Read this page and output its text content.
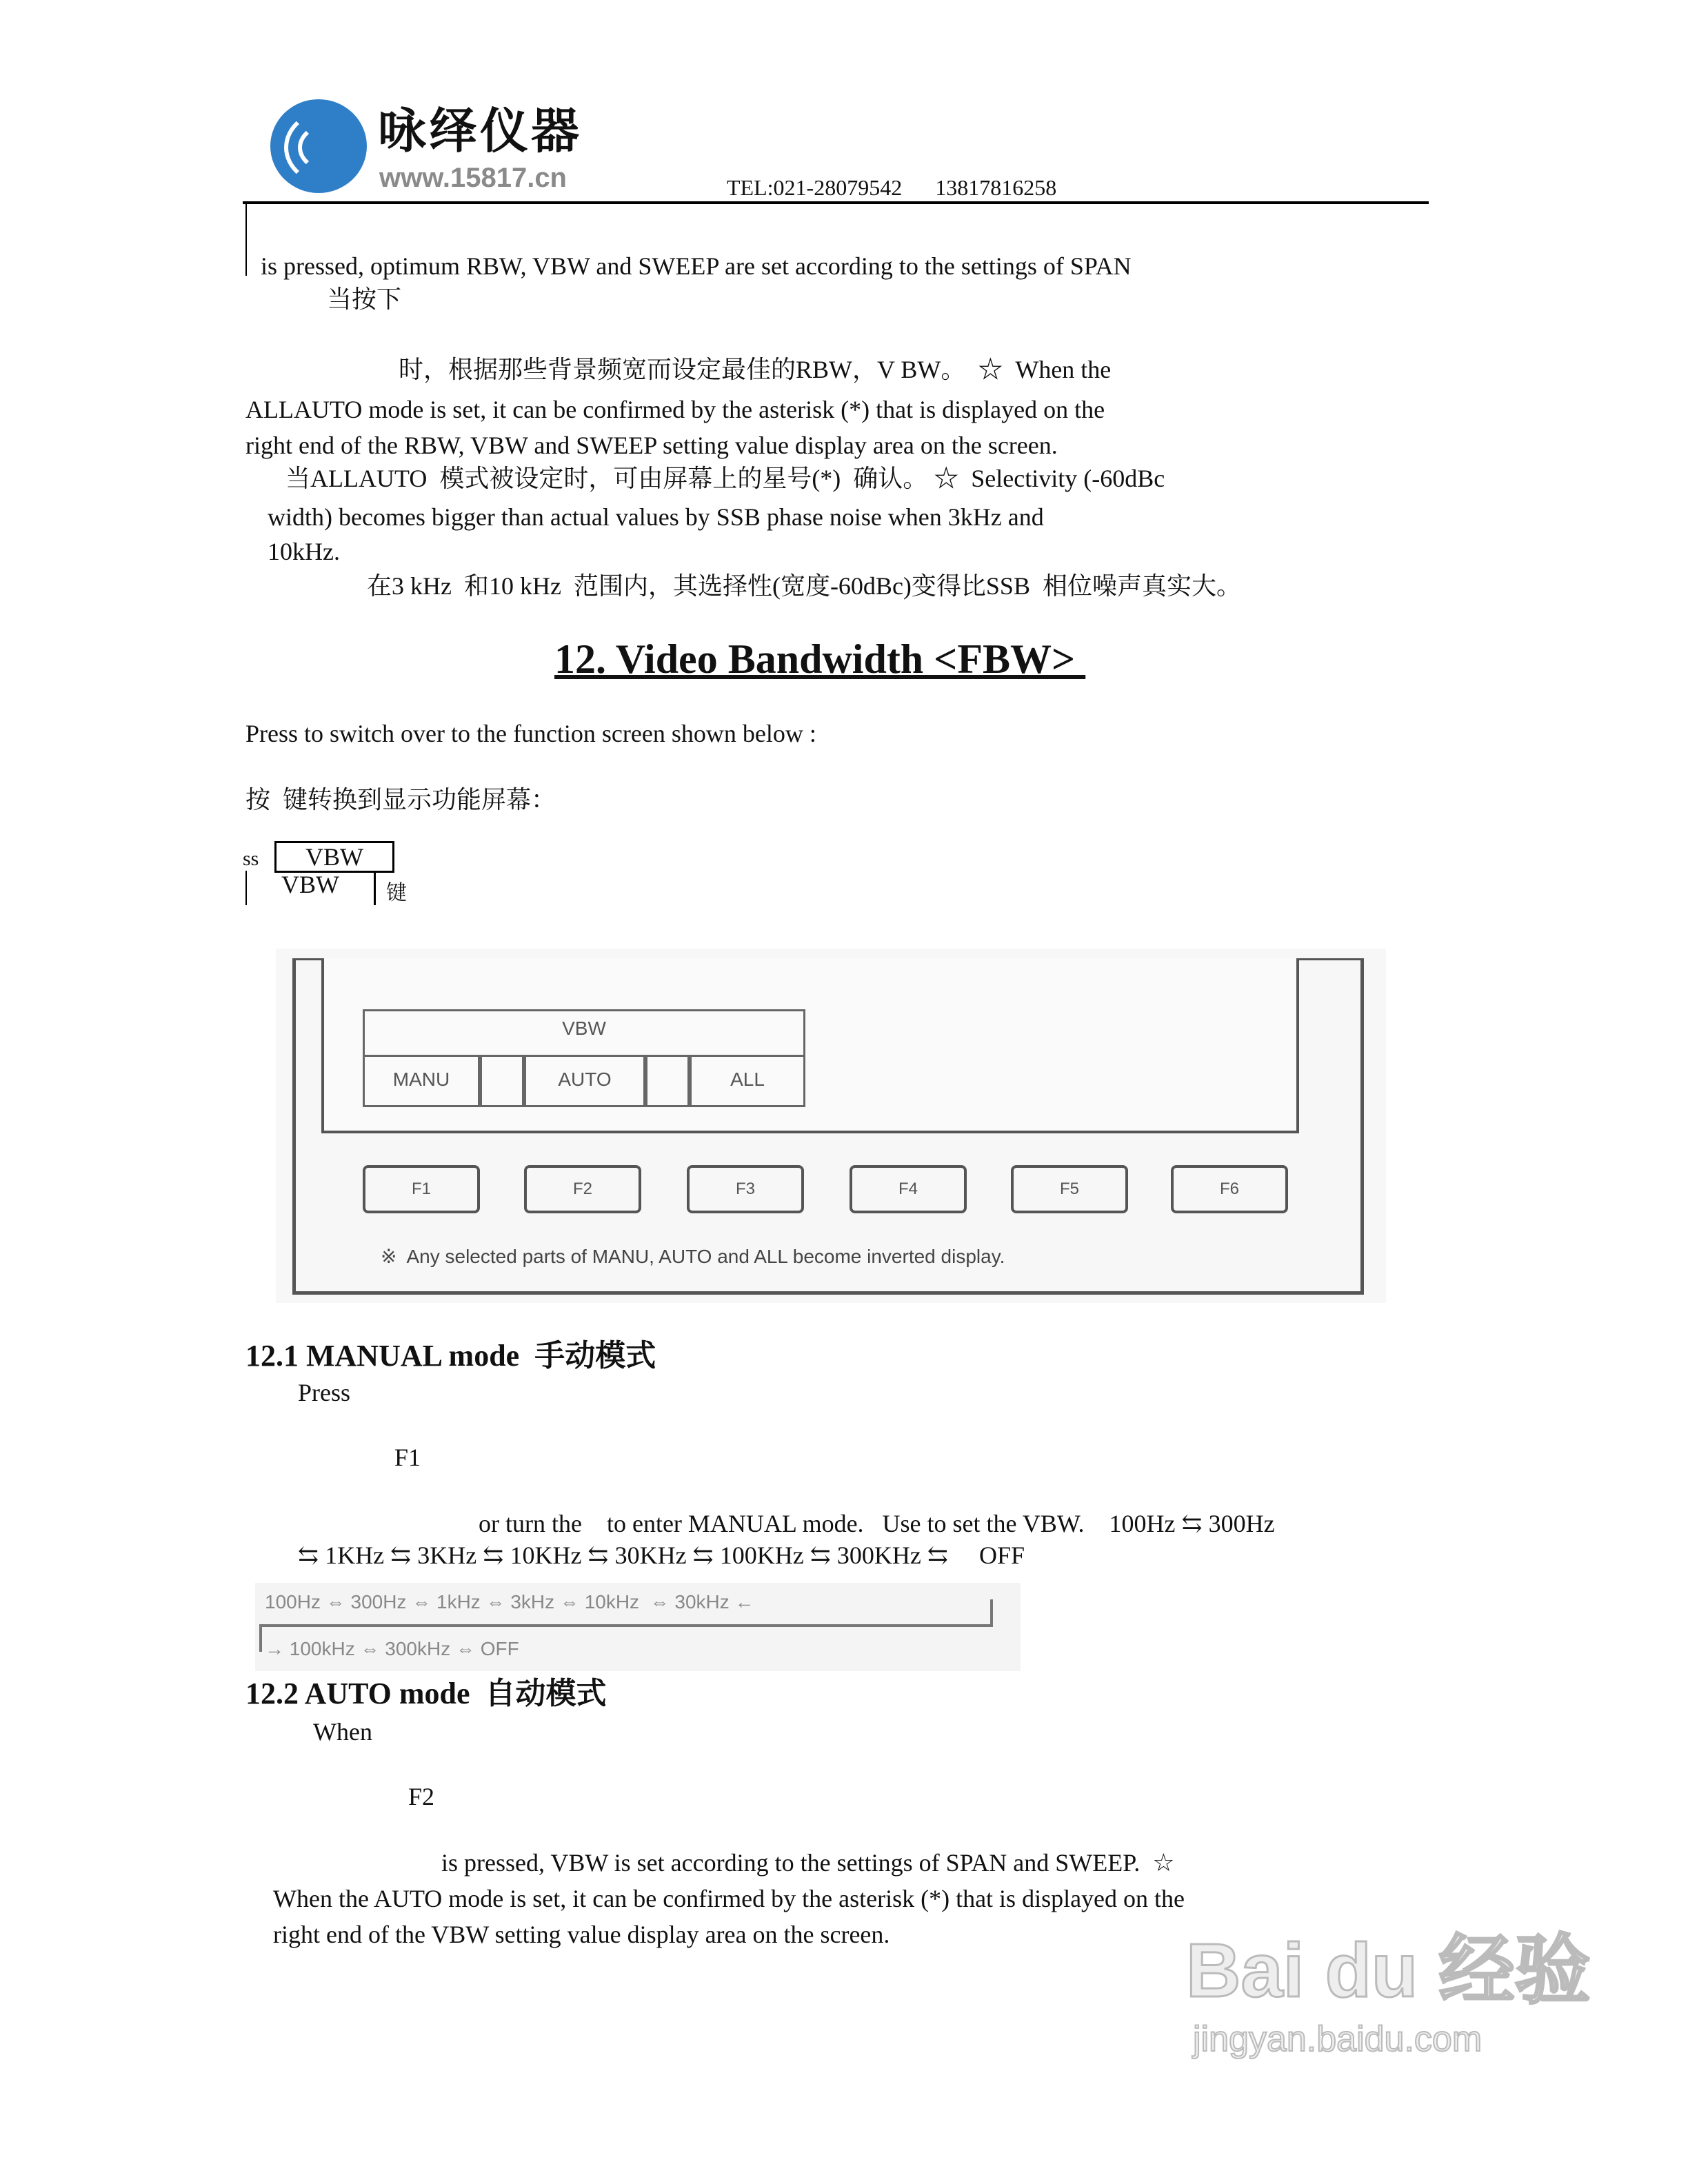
咏绎仪器
www.15817.cn	TEL:021-28079542      13817816258
is pressed, optimum RBW, VBW and SWEEP are set according to the settings of SPAN
当按下
时，根据那些背景频宽而设定最佳的RBW，V BW。  ☆  When the
ALLAUTO mode is set, it can be confirmed by the asterisk (*) that is displayed on the
right end of the RBW, VBW and SWEEP setting value display area on the screen.
当ALLAUTO  模式被设定时，可由屏幕上的星号(*)  确认。 ☆  Selectivity (-60dBc
width) becomes bigger than actual values by SSB phase noise when 3kHz and
10kHz.
在3 kHz  和10 kHz  范围内，其选择性(宽度-60dBc)变得比SSB  相位噪声真实大。
12. Video Bandwidth <FBW>
Press to switch over to the function screen shown below :
按  键转换到显示功能屏幕：
ss	VBW
VBW	键
VBW
MANU	AUTO	ALL
※  Any selected parts of MANU, AUTO and ALL become inverted display.
F1	F2	F3	F4	F5	F6
12.1 MANUAL mode  手动模式
Press
F1
or turn the    to enter MANUAL mode.   Use to set the VBW.    100Hz ⇆ 300Hz
⇆ 1KHz ⇆ 3KHz ⇆ 10KHz ⇆ 30KHz ⇆ 100KHz ⇆ 300KHz ⇆     OFF
100Hz ⇔ 300Hz ⇔ 1kHz ⇔ 3kHz ⇔ 10kHz  ⇔ 30kHz ←
→ 100kHz ⇔ 300kHz ⇔ OFF
12.2 AUTO mode  自动模式
When
F2
is pressed, VBW is set according to the settings of SPAN and SWEEP.  ☆
When the AUTO mode is set, it can be confirmed by the asterisk (*) that is displayed on the
right end of the VBW setting value display area on the screen.	Bai du 经验
jingyan.baidu.com
